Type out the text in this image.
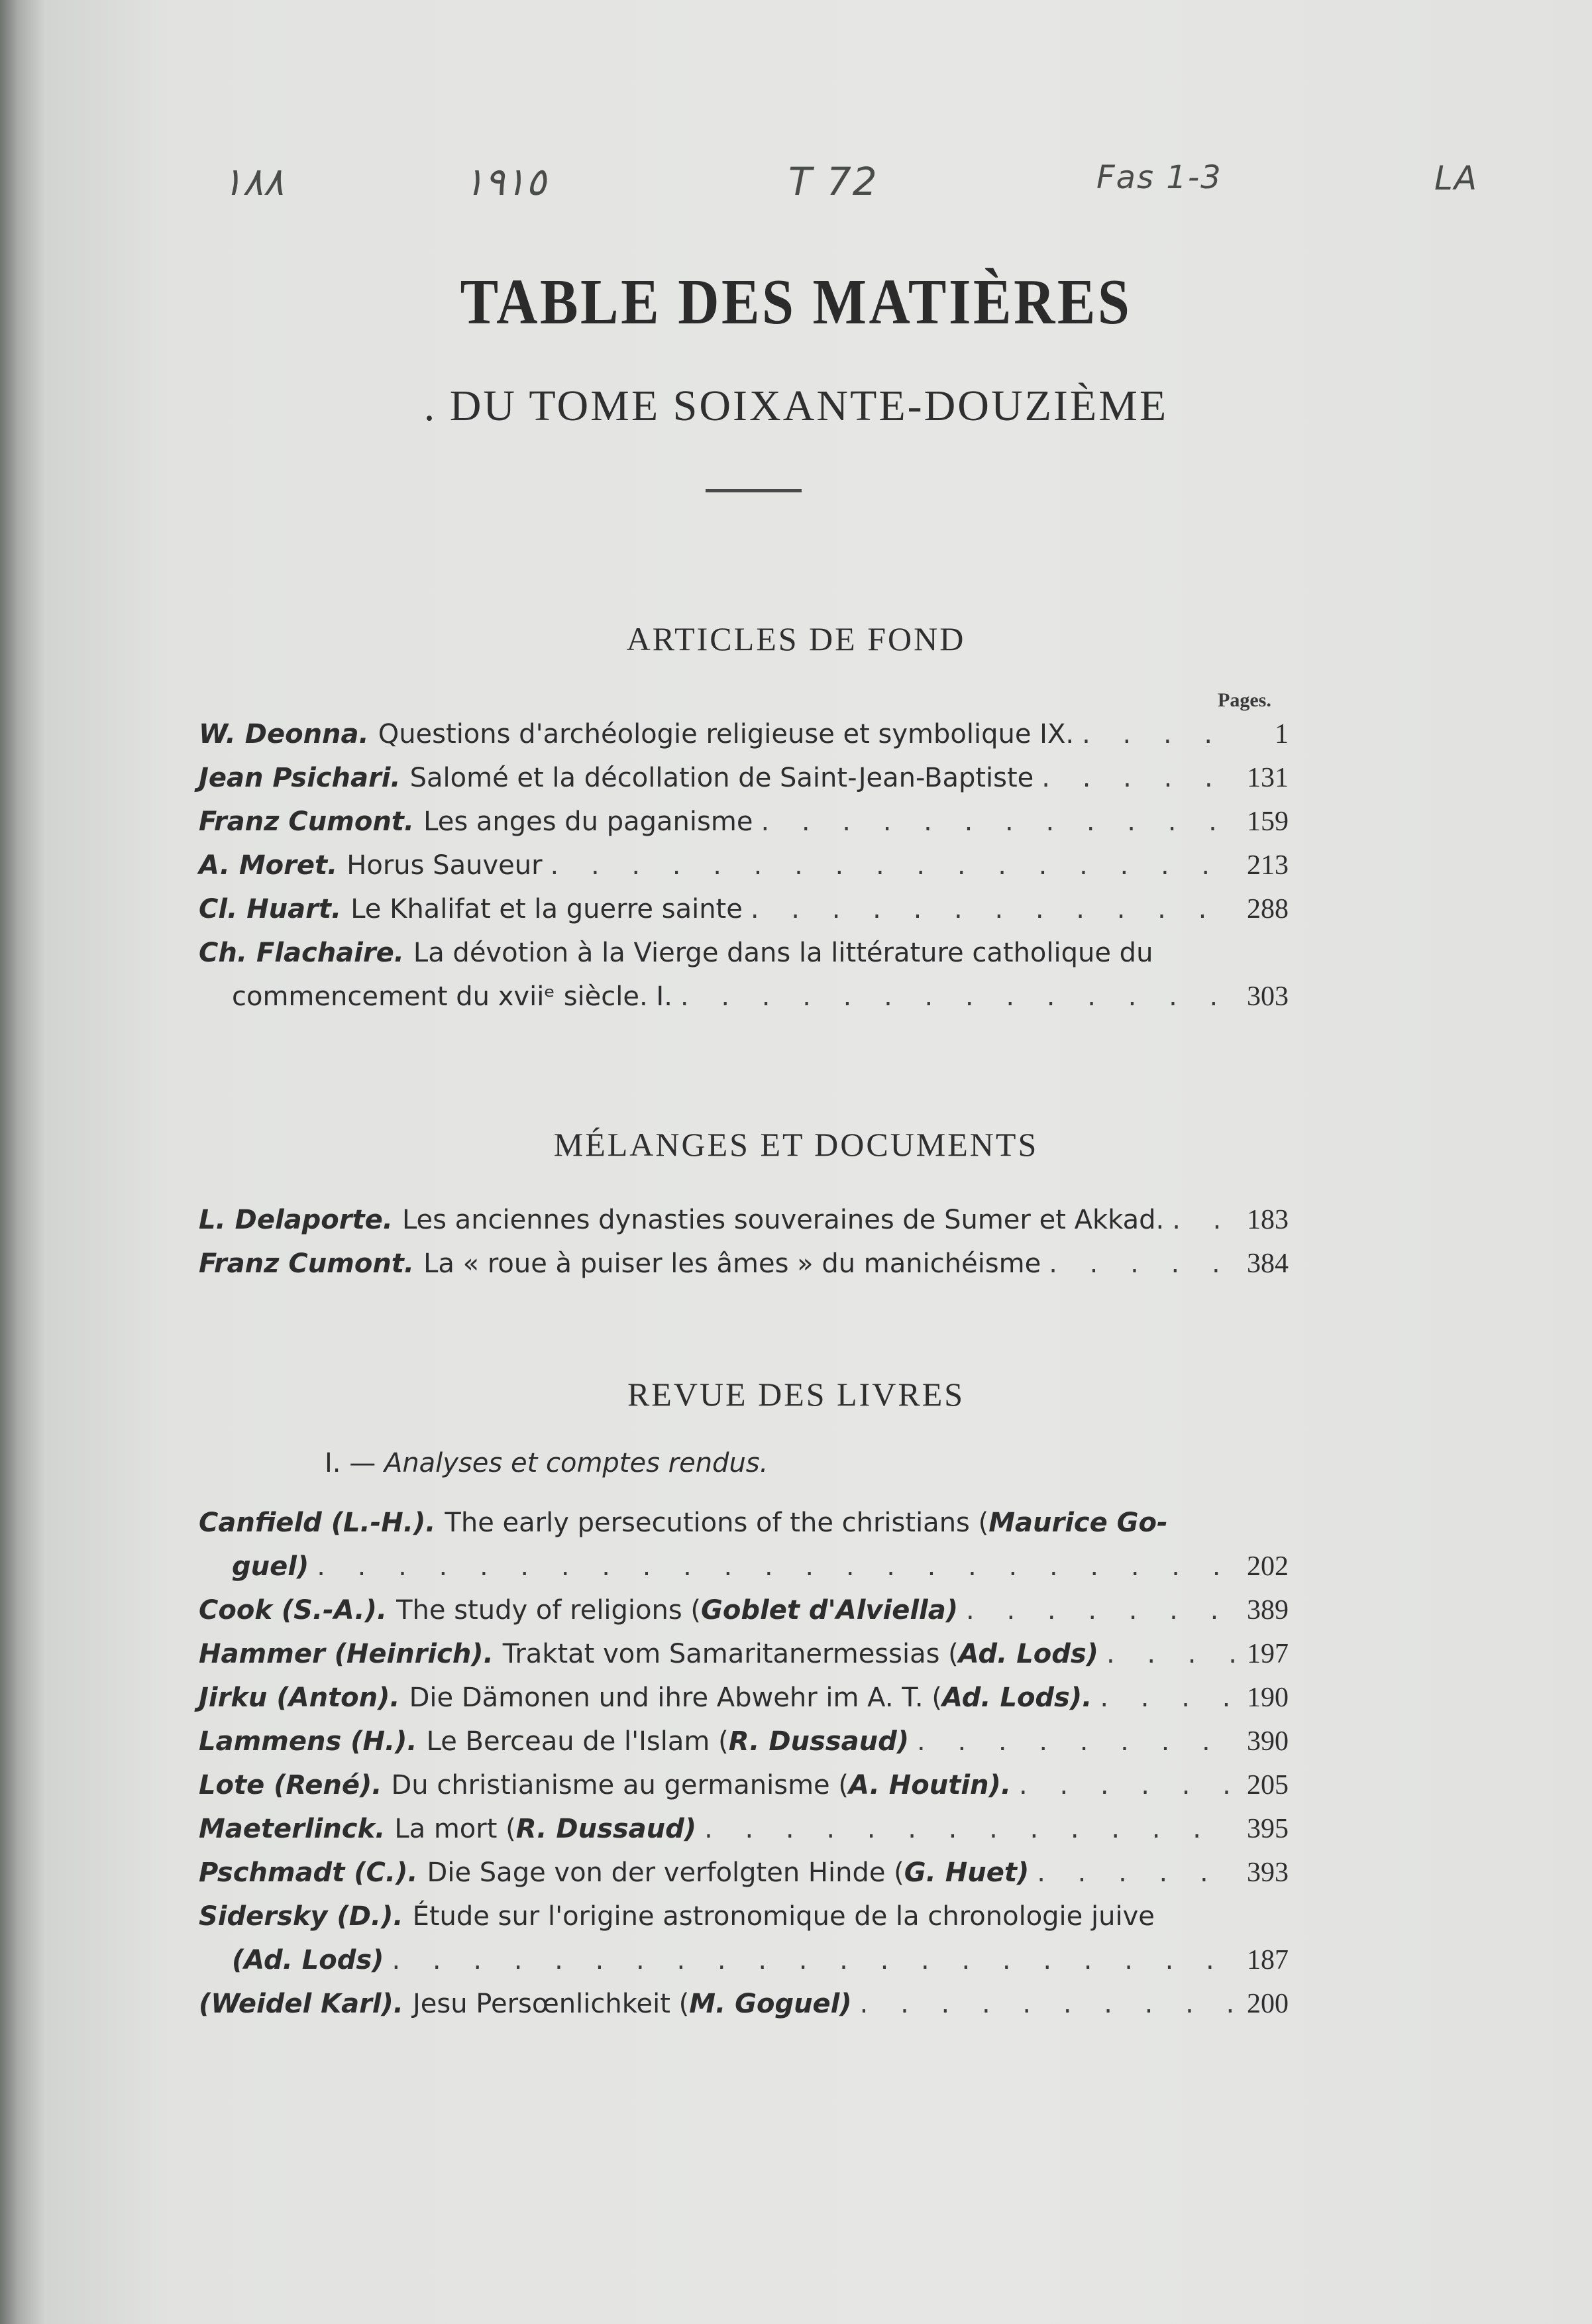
١٨٨	١٩١٥	T 72	Fas 1-3	LA
TABLE DES MATIÈRES
. DU TOME SOIXANTE-DOUZIÈME
ARTICLES DE FOND
Pages.
W. Deonna. Questions d'archéologie religieuse et symbolique IX. . . .	1
Jean Psichari. Salomé et la décollation de Saint-Jean-Baptiste . . .	131
Franz Cumont. Les anges du paganisme . . .	159
A. Moret. Horus Sauveur . . .	213
Cl. Huart. Le Khalifat et la guerre sainte . . .	288
Ch. Flachaire. La dévotion à la Vierge dans la littérature catholique du
commencement du xviiᵉ siècle. I. . . .	303
MÉLANGES ET DOCUMENTS
L. Delaporte. Les anciennes dynasties souveraines de Sumer et Akkad. . . .	183
Franz Cumont. La « roue à puiser les âmes » du manichéisme . . .	384
REVUE DES LIVRES
I. — Analyses et comptes rendus.
Canfield (L.-H.). The early persecutions of the christians ( Maurice Go-
guel) . . .	202
Cook (S.-A.). The study of religions ( Goblet d'Alviella) . . .	389
Hammer (Heinrich). Traktat vom Samaritanermessias ( Ad. Lods) . . .	197
Jirku (Anton). Die Dämonen und ihre Abwehr im A. T. ( Ad. Lods). . . .	190
Lammens (H.). Le Berceau de l'Islam ( R. Dussaud) . . .	390
Lote (René). Du christianisme au germanisme ( A. Houtin). . . .	205
Maeterlinck. La mort ( R. Dussaud) . . .	395
Pschmadt (C.). Die Sage von der verfolgten Hinde ( G. Huet) . . .	393
Sidersky (D.). Étude sur l'origine astronomique de la chronologie juive
(Ad. Lods) . . .	187
(Weidel Karl). Jesu Persœnlichkeit ( M. Goguel) . . .	200
